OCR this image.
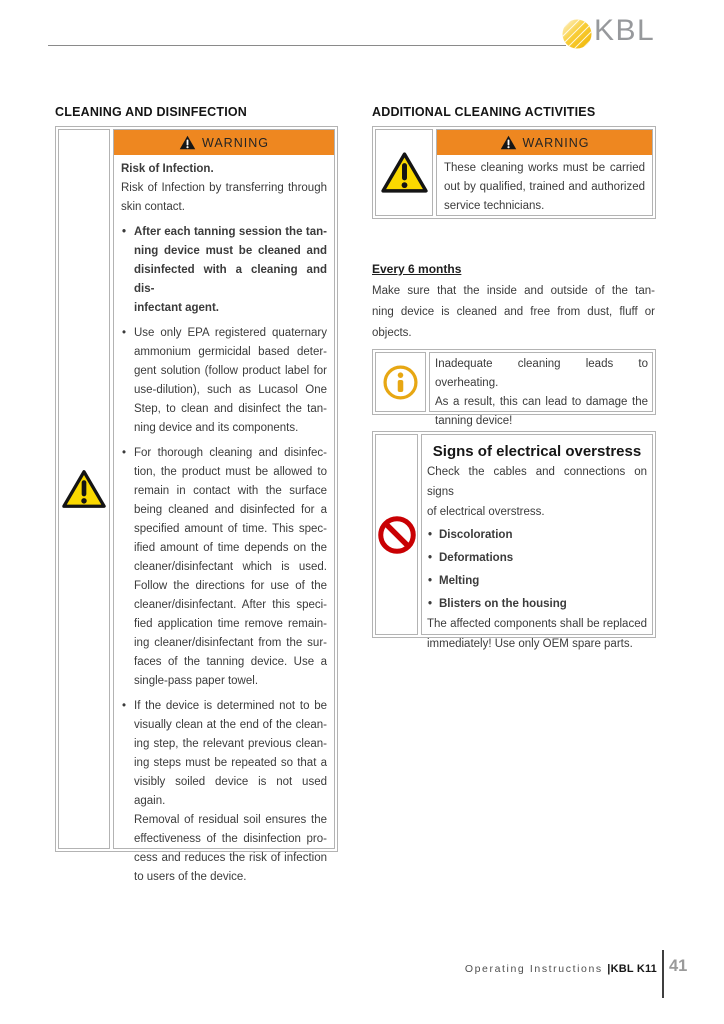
KBL
CLEANING AND DISINFECTION	ADDITIONAL CLEANING ACTIVITIES
WARNING
Risk of Infection.
Risk of Infection by transferring through
skin contact.
• After each tanning session the tan-
ning device must be cleaned and
disinfected with a cleaning and dis-
infectant agent.
• Use only EPA registered quaternary
ammonium germicidal based deter-
gent solution (follow product label for
use-dilution), such as Lucasol One
Step, to clean and disinfect the tan-
ning device and its components.
• For thorough cleaning and disinfec-
tion, the product must be allowed to
remain in contact with the surface
being cleaned and disinfected for a
specified amount of time. This spec-
ified amount of time depends on the
cleaner/disinfectant which is used.
Follow the directions for use of the
cleaner/disinfectant. After this speci-
fied application time remove remain-
ing cleaner/disinfectant from the sur-
faces of the tanning device. Use a
single-pass paper towel.
• If the device is determined not to be
visually clean at the end of the clean-
ing step, the relevant previous clean-
ing steps must be repeated so that a
visibly soiled device is not used again.
Removal of residual soil ensures the
effectiveness of the disinfection pro-
cess and reduces the risk of infection
to users of the device.
WARNING
These cleaning works must be carried
out by qualified, trained and authorized
service technicians.
Every 6 months
Make sure that the inside and outside of the tan-
ning device is cleaned and free from dust, fluff or
objects.
Inadequate cleaning leads to overheating.
As a result, this can lead to damage the
tanning device!
Signs of electrical overstress
Check the cables and connections on signs
of electrical overstress.
• Discoloration
• Deformations
• Melting
• Blisters on the housing
The affected components shall be replaced
immediately! Use only OEM spare parts.
Operating Instructions |KBL K11 41
